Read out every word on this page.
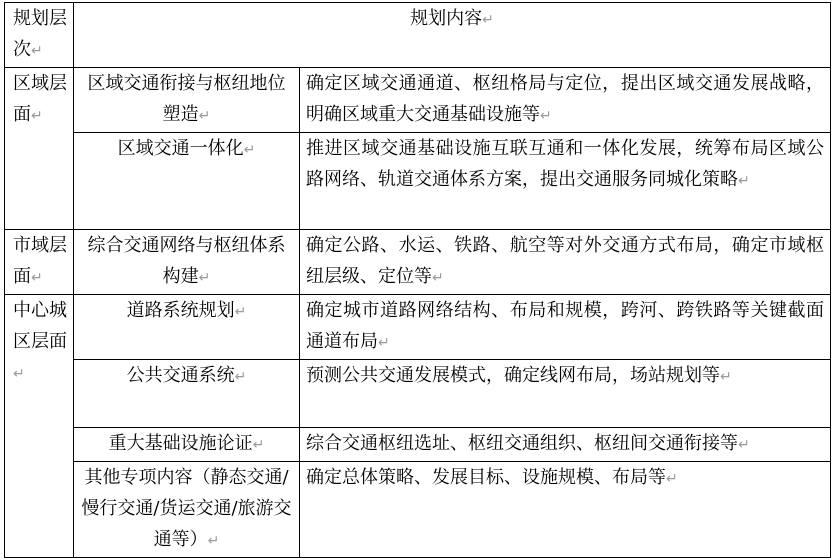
规划层次 ↵	规划内容 ↵
区域层面 ↵	区域交通衔接与枢纽地位塑造 ↵	确定区域交通通道、枢纽格局与定位，提出区域交通发展战略，明确区域重大交通基础设施等 ↵
	区域交通一体化 ↵	推进区域交通基础设施互联互通和一体化发展，统筹布局区域公路网络、轨道交通体系方案，提出交通服务同城化策略 ↵
市域层面 ↵	综合交通网络与枢纽体系构建 ↵	确定公路、水运、铁路、航空等对外交通方式布局，确定市域枢纽层级、定位等 ↵
中心城区层面 ↵	道路系统规划 ↵	确定城市道路网络结构、布局和规模，跨河、跨铁路等关键截面通道布局 ↵
	公共交通系统 ↵	预测公共交通发展模式，确定线网布局，场站规划等 ↵
	重大基础设施论证 ↵	综合交通枢纽选址、枢纽交通组织、枢纽间交通衔接等 ↵
	其他专项内容（静态交通/慢行交通/货运交通/旅游交通等） ↵	确定总体策略、发展目标、设施规模、布局等 ↵
